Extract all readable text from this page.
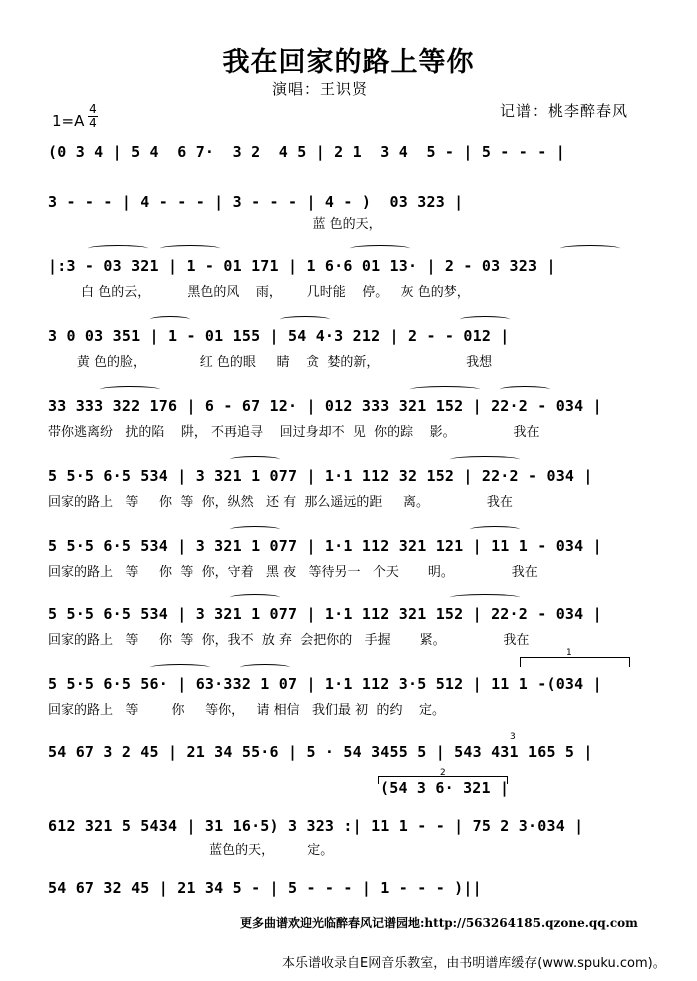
我在回家的路上等你
演唱：王识贤
1=A
4
4
记谱：桃李醉春风
(0 3 4 | 5 4  6 7·  3 2  4 5 | 2 1  3 4  5 - | 5 - - - |
3 - - - | 4 - - - | 3 - - - | 4 - )  03 323 |
蓝 色的天，
|:3 - 03 321 | 1 - 01 171 | 1 6·6 01 13· | 2 - 03 323 |
白 色的云，         黑色的风    雨，      几时能    停。   灰 色的梦，
3 0 03 351 | 1 - 01 155 | 54 4·3 212 | 2 - - 012 |
黄 色的脸，             红 色的眼     睛    贪  婪的新，                     我想
33 333 322 176 | 6 - 67 12· | 012 333 321 152 | 22·2 - 034 |
带你逃离纷   扰的陷    阱， 不再追寻    回过身却不  见  你的踪    影。              我在
5 5·5 6·5 534 | 3 321 1 077 | 1·1 112 32 152 | 22·2 - 034 |
回家的路上   等     你  等  你，纵然   还 有  那么遥远的距     离。              我在
5 5·5 6·5 534 | 3 321 1 077 | 1·1 112 321 121 | 11 1 - 034 |
回家的路上   等     你  等  你，守着   黑 夜   等待另一   个天       明。              我在
5 5·5 6·5 534 | 3 321 1 077 | 1·1 112 321 152 | 22·2 - 034 |
回家的路上   等     你  等  你，我不  放 弃  会把你的   手握       紧。              我在
1
5 5·5 6·5 56· | 63·332 1 07 | 1·1 112 3·5 512 | 11 1 -(034 |
回家的路上   等        你     等你，   请 相信   我们最 初  的约    定。
3
54 67 3 2 45 | 21 34 55·6 | 5 · 54 3455 5 | 543 431 165 5 |
2
(54 3 6· 321 |
612 321 5 5434 | 31 16·5) 3 323 :| 11 1 - - | 75 2 3·034 |
蓝色的天，        定。
54 67 32 45 | 21 34 5 - | 5 - - - | 1 - - - )||
更多曲谱欢迎光临醉春风记谱园地:http://563264185.qzone.qq.com
本乐谱收录自E网音乐教室，由书明谱库缓存(www.spuku.com)。
